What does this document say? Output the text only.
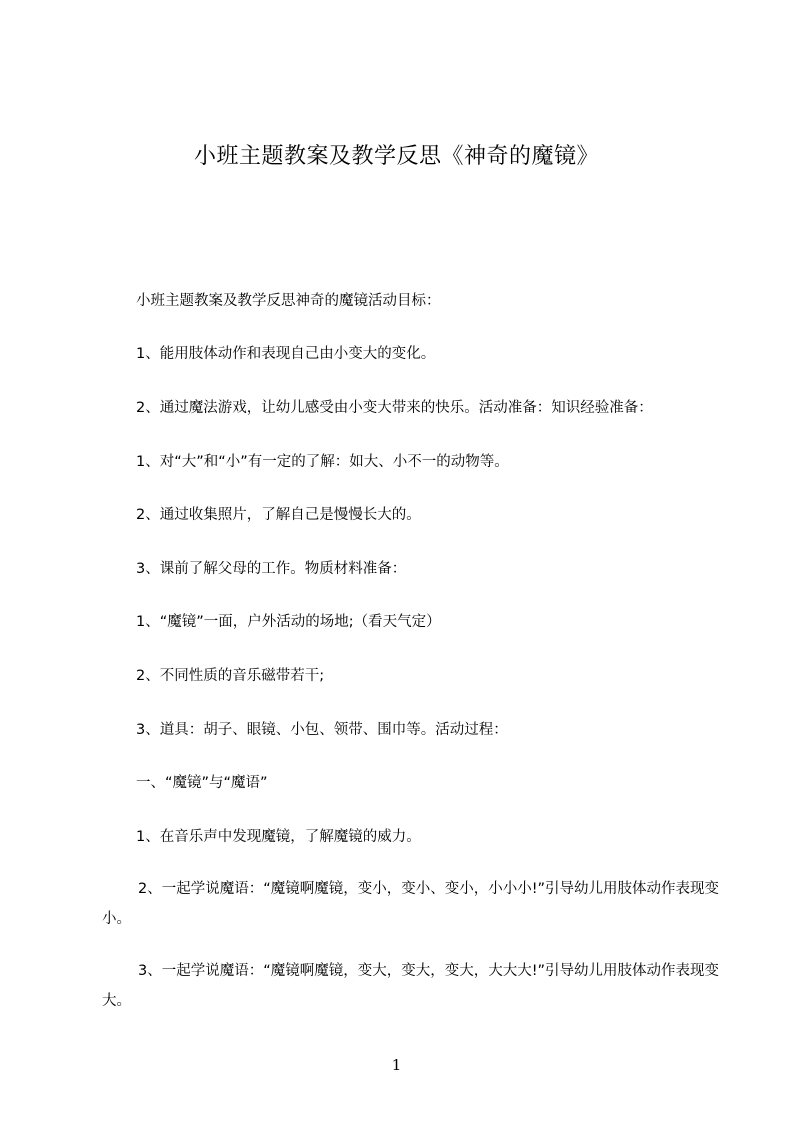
小班主题教案及教学反思《神奇的魔镜》
小班主题教案及教学反思神奇的魔镜活动目标：
1、能用肢体动作和表现自己由小变大的变化。
2、通过魔法游戏，让幼儿感受由小变大带来的快乐。活动准备：知识经验准备：
1、对“大”和“小”有一定的了解：如大、小不一的动物等。
2、通过收集照片，了解自己是慢慢长大的。
3、课前了解父母的工作。物质材料准备：
1、“魔镜”一面，户外活动的场地;（看天气定）
2、不同性质的音乐磁带若干;
3、道具：胡子、眼镜、小包、领带、围巾等。活动过程：
一、“魔镜”与“魔语”
1、在音乐声中发现魔镜，了解魔镜的威力。
2、一起学说魔语：“魔镜啊魔镜，变小，变小、变小，小小小!”引导幼儿用肢体动作表现变小。
3、一起学说魔语：“魔镜啊魔镜，变大，变大，变大，大大大!”引导幼儿用肢体动作表现变大。
1
